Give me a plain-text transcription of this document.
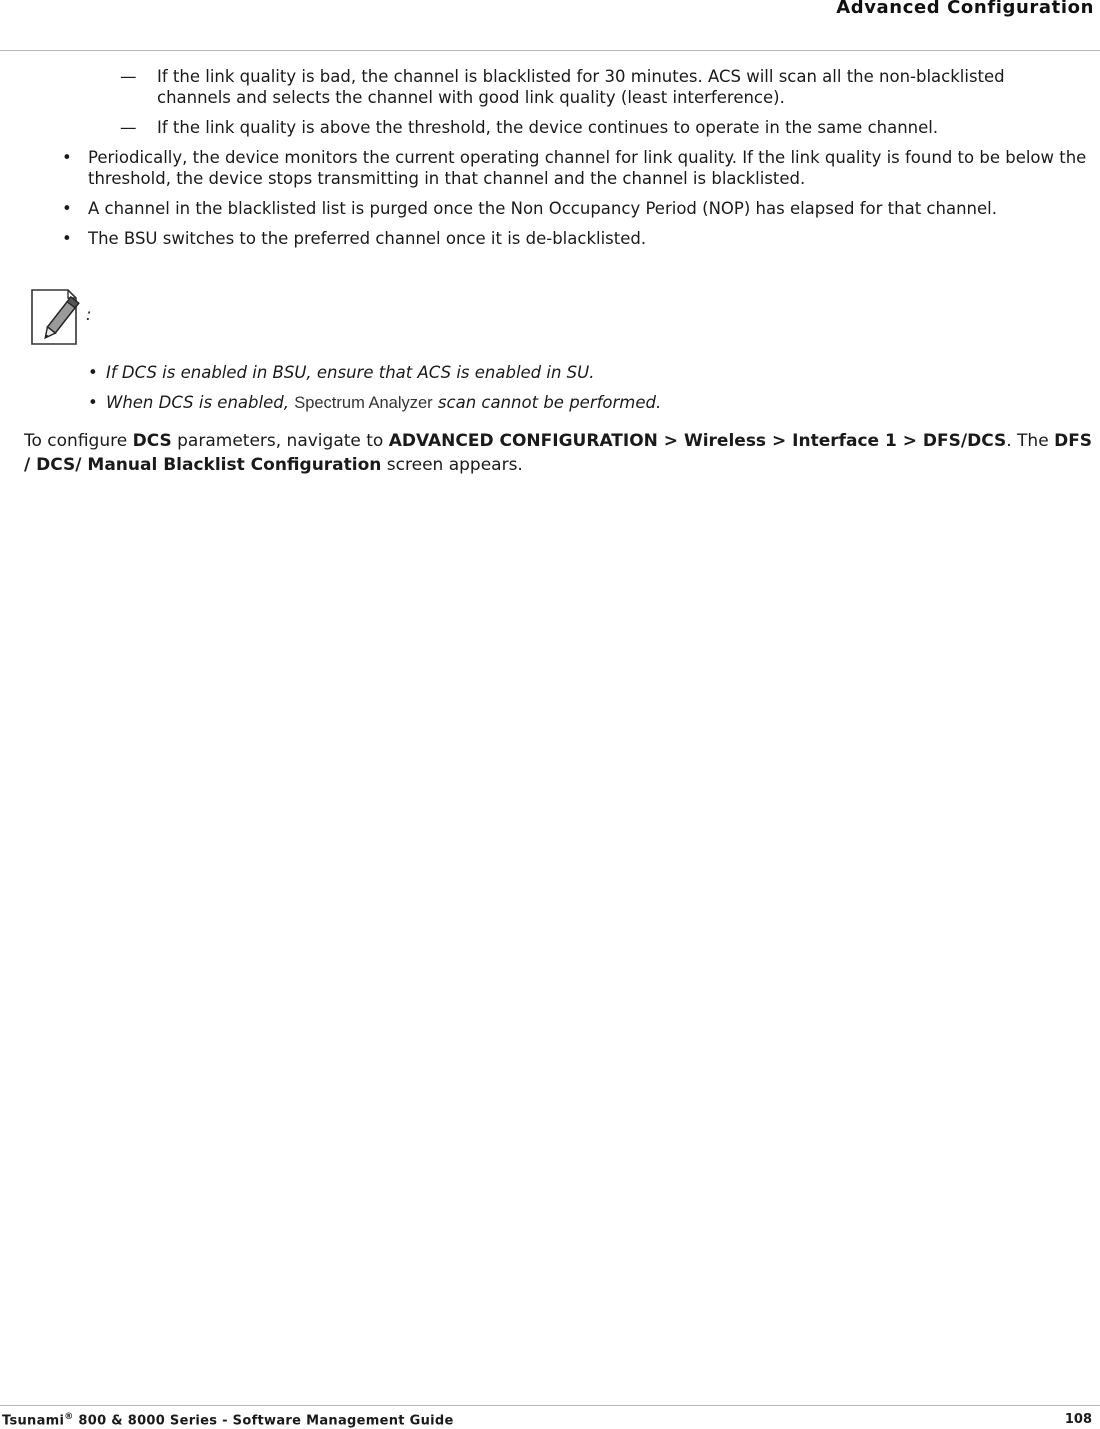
Advanced Configuration
— If the link quality is bad, the channel is blacklisted for 30 minutes. ACS will scan all the non-blacklisted channels and selects the channel with good link quality (least interference).
— If the link quality is above the threshold, the device continues to operate in the same channel.
• Periodically, the device monitors the current operating channel for link quality. If the link quality is found to be below the threshold, the device stops transmitting in that channel and the channel is blacklisted.
• A channel in the blacklisted list is purged once the Non Occupancy Period (NOP) has elapsed for that channel.
• The BSU switches to the preferred channel once it is de-blacklisted.
:
• If DCS is enabled in BSU, ensure that ACS is enabled in SU.
• When DCS is enabled, Spectrum Analyzer scan cannot be performed.
To configure DCS parameters, navigate to ADVANCED CONFIGURATION > Wireless > Interface 1 > DFS/DCS. The DFS / DCS/ Manual Blacklist Configuration screen appears.
Tsunami® 800 & 8000 Series - Software Management Guide	108
